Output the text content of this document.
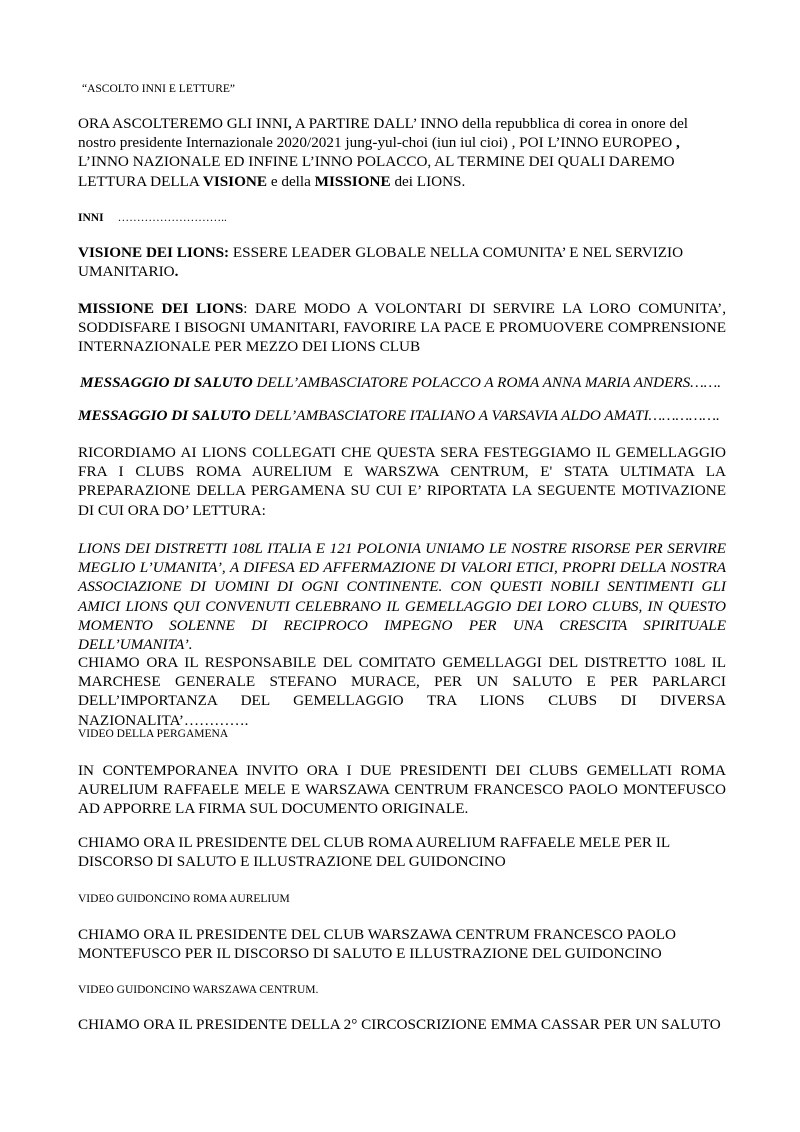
“ASCOLTO INNI E LETTURE”

ORA ASCOLTEREMO GLI INNI, A PARTIRE DALL’ INNO della repubblica di corea in onore del nostro presidente Internazionale 2020/2021 jung-yul-choi (iun iul cioi) , POI L’INNO EUROPEO , L’INNO NAZIONALE ED INFINE L’INNO POLACCO, AL TERMINE DEI QUALI DAREMO LETTURA DELLA VISIONE e della MISSIONE dei LIONS.

INNI ………………………..

VISIONE DEI LIONS: ESSERE LEADER GLOBALE NELLA COMUNITA’ E NEL SERVIZIO UMANITARIO.

MISSIONE DEI LIONS: DARE MODO A VOLONTARI DI SERVIRE LA LORO COMUNITA’, SODDISFARE I BISOGNI UMANITARI, FAVORIRE LA PACE E PROMUOVERE COMPRENSIONE INTERNAZIONALE PER MEZZO DEI LIONS CLUB

MESSAGGIO DI SALUTO DELL’AMBASCIATORE POLACCO A ROMA ANNA MARIA ANDERS…….

MESSAGGIO DI SALUTO DELL’AMBASCIATORE ITALIANO A VARSAVIA ALDO AMATI…………….

RICORDIAMO AI LIONS COLLEGATI CHE QUESTA SERA FESTEGGIAMO IL GEMELLAGGIO FRA I CLUBS ROMA AURELIUM E WARSZWA CENTRUM, E' STATA ULTIMATA LA PREPARAZIONE DELLA PERGAMENA SU CUI E’ RIPORTATA LA SEGUENTE MOTIVAZIONE DI CUI ORA DO’ LETTURA:

LIONS DEI DISTRETTI 108L ITALIA E 121 POLONIA UNIAMO LE NOSTRE RISORSE PER SERVIRE MEGLIO L’UMANITA’, A DIFESA ED AFFERMAZIONE DI VALORI ETICI, PROPRI DELLA NOSTRA ASSOCIAZIONE DI UOMINI DI OGNI CONTINENTE. CON QUESTI NOBILI SENTIMENTI GLI AMICI LIONS QUI CONVENUTI CELEBRANO IL GEMELLAGGIO DEI LORO CLUBS, IN QUESTO MOMENTO SOLENNE DI RECIPROCO IMPEGNO PER UNA CRESCITA SPIRITUALE DELL’UMANITA’.

CHIAMO ORA IL RESPONSABILE DEL COMITATO GEMELLAGGI DEL DISTRETTO 108L IL MARCHESE GENERALE STEFANO MURACE, PER UN SALUTO E PER PARLARCI DELL’IMPORTANZA DEL GEMELLAGGIO TRA LIONS CLUBS DI DIVERSA NAZIONALITA’………….

VIDEO DELLA PERGAMENA

IN CONTEMPORANEA INVITO ORA I DUE PRESIDENTI DEI CLUBS GEMELLATI ROMA AURELIUM RAFFAELE MELE E WARSZAWA CENTRUM FRANCESCO PAOLO MONTEFUSCO AD APPORRE LA FIRMA SUL DOCUMENTO ORIGINALE.

CHIAMO ORA IL PRESIDENTE DEL CLUB ROMA AURELIUM RAFFAELE MELE PER IL DISCORSO DI SALUTO E ILLUSTRAZIONE DEL GUIDONCINO

VIDEO GUIDONCINO ROMA AURELIUM

CHIAMO ORA IL PRESIDENTE DEL CLUB WARSZAWA CENTRUM FRANCESCO PAOLO MONTEFUSCO PER IL DISCORSO DI SALUTO E ILLUSTRAZIONE DEL GUIDONCINO

VIDEO GUIDONCINO WARSZAWA CENTRUM.

CHIAMO ORA IL PRESIDENTE DELLA 2° CIRCOSCRIZIONE EMMA CASSAR PER UN SALUTO
